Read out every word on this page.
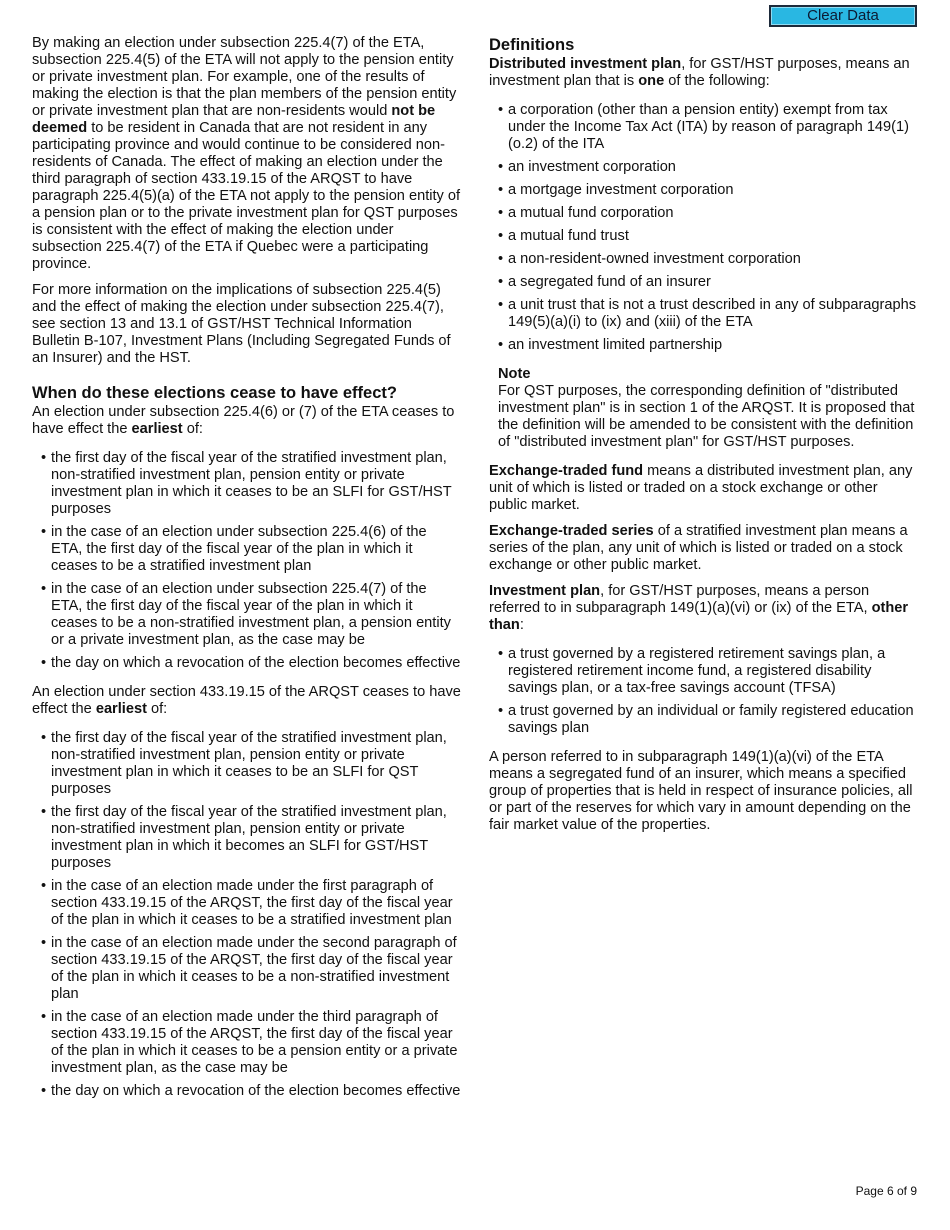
Clear Data

By making an election under subsection 225.4(7) of the ETA, subsection 225.4(5) of the ETA will not apply to the pension entity or private investment plan. For example, one of the results of making the election is that the plan members of the pension entity or private investment plan that are non-residents would not be deemed to be resident in Canada that are not resident in any participating province and would continue to be considered non-residents of Canada. The effect of making an election under the third paragraph of section 433.19.15 of the ARQST to have paragraph 225.4(5)(a) of the ETA not apply to the pension entity of a pension plan or to the private investment plan for QST purposes is consistent with the effect of making the election under subsection 225.4(7) of the ETA if Quebec were a participating province.

For more information on the implications of subsection 225.4(5) and the effect of making the election under subsection 225.4(7), see section 13 and 13.1 of GST/HST Technical Information Bulletin B-107, Investment Plans (Including Segregated Funds of an Insurer) and the HST.

When do these elections cease to have effect?

An election under subsection 225.4(6) or (7) of the ETA ceases to have effect the earliest of:

• the first day of the fiscal year of the stratified investment plan, non-stratified investment plan, pension entity or private investment plan in which it ceases to be an SLFI for GST/HST purposes
• in the case of an election under subsection 225.4(6) of the ETA, the first day of the fiscal year of the plan in which it ceases to be a stratified investment plan
• in the case of an election under subsection 225.4(7) of the ETA, the first day of the fiscal year of the plan in which it ceases to be a non-stratified investment plan, a pension entity or a private investment plan, as the case may be
• the day on which a revocation of the election becomes effective

An election under section 433.19.15 of the ARQST ceases to have effect the earliest of:

• the first day of the fiscal year of the stratified investment plan, non-stratified investment plan, pension entity or private investment plan in which it ceases to be an SLFI for QST purposes
• the first day of the fiscal year of the stratified investment plan, non-stratified investment plan, pension entity or private investment plan in which it becomes an SLFI for GST/HST purposes
• in the case of an election made under the first paragraph of section 433.19.15 of the ARQST, the first day of the fiscal year of the plan in which it ceases to be a stratified investment plan
• in the case of an election made under the second paragraph of section 433.19.15 of the ARQST, the first day of the fiscal year of the plan in which it ceases to be a non-stratified investment plan
• in the case of an election made under the third paragraph of section 433.19.15 of the ARQST, the first day of the fiscal year of the plan in which it ceases to be a pension entity or a private investment plan, as the case may be
• the day on which a revocation of the election becomes effective
Definitions

Distributed investment plan, for GST/HST purposes, means an investment plan that is one of the following:

• a corporation (other than a pension entity) exempt from tax under the Income Tax Act (ITA) by reason of paragraph 149(1)(o.2) of the ITA
• an investment corporation
• a mortgage investment corporation
• a mutual fund corporation
• a mutual fund trust
• a non-resident-owned investment corporation
• a segregated fund of an insurer
• a unit trust that is not a trust described in any of subparagraphs 149(5)(a)(i) to (ix) and (xiii) of the ETA
• an investment limited partnership
Note
For QST purposes, the corresponding definition of "distributed investment plan" is in section 1 of the ARQST. It is proposed that the definition will be amended to be consistent with the definition of "distributed investment plan" for GST/HST purposes.

Exchange-traded fund means a distributed investment plan, any unit of which is listed or traded on a stock exchange or other public market.

Exchange-traded series of a stratified investment plan means a series of the plan, any unit of which is listed or traded on a stock exchange or other public market.

Investment plan, for GST/HST purposes, means a person referred to in subparagraph 149(1)(a)(vi) or (ix) of the ETA, other than:

• a trust governed by a registered retirement savings plan, a registered retirement income fund, a registered disability savings plan, or a tax-free savings account (TFSA)
• a trust governed by an individual or family registered education savings plan

A person referred to in subparagraph 149(1)(a)(vi) of the ETA means a segregated fund of an insurer, which means a specified group of properties that is held in respect of insurance policies, all or part of the reserves for which vary in amount depending on the fair market value of the properties.

Page 6 of 9
